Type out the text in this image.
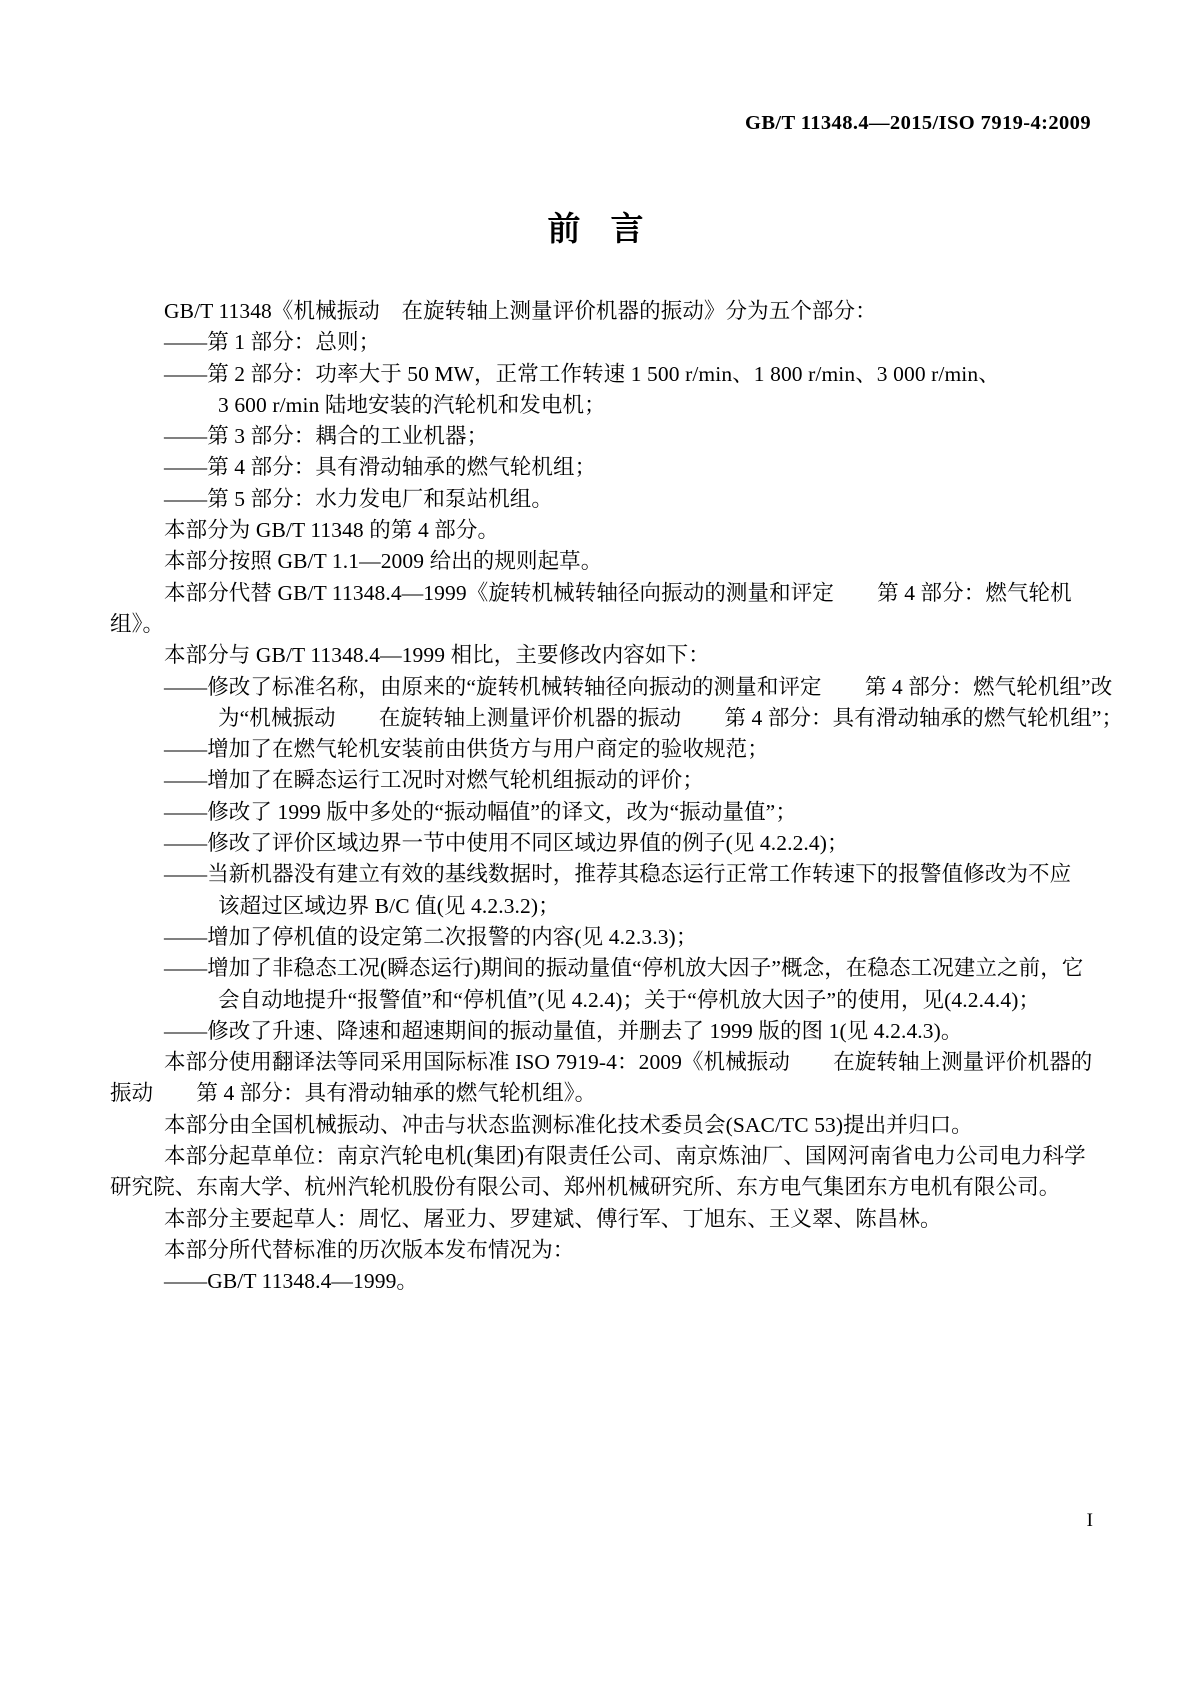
GB/T 11348.4—2015/ISO 7919-4:2009
前言
GB/T 11348《机械振动　在旋转轴上测量评价机器的振动》分为五个部分：
——第 1 部分：总则；
——第 2 部分：功率大于 50 MW，正常工作转速 1 500 r/min、1 800 r/min、3 000 r/min、
3 600 r/min 陆地安装的汽轮机和发电机；
——第 3 部分：耦合的工业机器；
——第 4 部分：具有滑动轴承的燃气轮机组；
——第 5 部分：水力发电厂和泵站机组。
本部分为 GB/T 11348 的第 4 部分。
本部分按照 GB/T 1.1—2009 给出的规则起草。
本部分代替 GB/T 11348.4—1999《旋转机械转轴径向振动的测量和评定　　第 4 部分：燃气轮机
组》。
本部分与 GB/T 11348.4—1999 相比，主要修改内容如下：
——修改了标准名称，由原来的“旋转机械转轴径向振动的测量和评定　　第 4 部分：燃气轮机组”改
为“机械振动　　在旋转轴上测量评价机器的振动　　第 4 部分：具有滑动轴承的燃气轮机组”；
——增加了在燃气轮机安装前由供货方与用户商定的验收规范；
——增加了在瞬态运行工况时对燃气轮机组振动的评价；
——修改了 1999 版中多处的“振动幅值”的译文，改为“振动量值”；
——修改了评价区域边界一节中使用不同区域边界值的例子(见 4.2.2.4)；
——当新机器没有建立有效的基线数据时，推荐其稳态运行正常工作转速下的报警值修改为不应
该超过区域边界 B/C 值(见 4.2.3.2)；
——增加了停机值的设定第二次报警的内容(见 4.2.3.3)；
——增加了非稳态工况(瞬态运行)期间的振动量值“停机放大因子”概念，在稳态工况建立之前，它
会自动地提升“报警值”和“停机值”(见 4.2.4)；关于“停机放大因子”的使用，见(4.2.4.4)；
——修改了升速、降速和超速期间的振动量值，并删去了 1999 版的图 1(见 4.2.4.3)。
本部分使用翻译法等同采用国际标准 ISO 7919-4：2009《机械振动　　在旋转轴上测量评价机器的
振动　　第 4 部分：具有滑动轴承的燃气轮机组》。
本部分由全国机械振动、冲击与状态监测标准化技术委员会(SAC/TC 53)提出并归口。
本部分起草单位：南京汽轮电机(集团)有限责任公司、南京炼油厂、国网河南省电力公司电力科学
研究院、东南大学、杭州汽轮机股份有限公司、郑州机械研究所、东方电气集团东方电机有限公司。
本部分主要起草人：周忆、屠亚力、罗建斌、傅行军、丁旭东、王义翠、陈昌林。
本部分所代替标准的历次版本发布情况为：
——GB/T 11348.4—1999。
I
